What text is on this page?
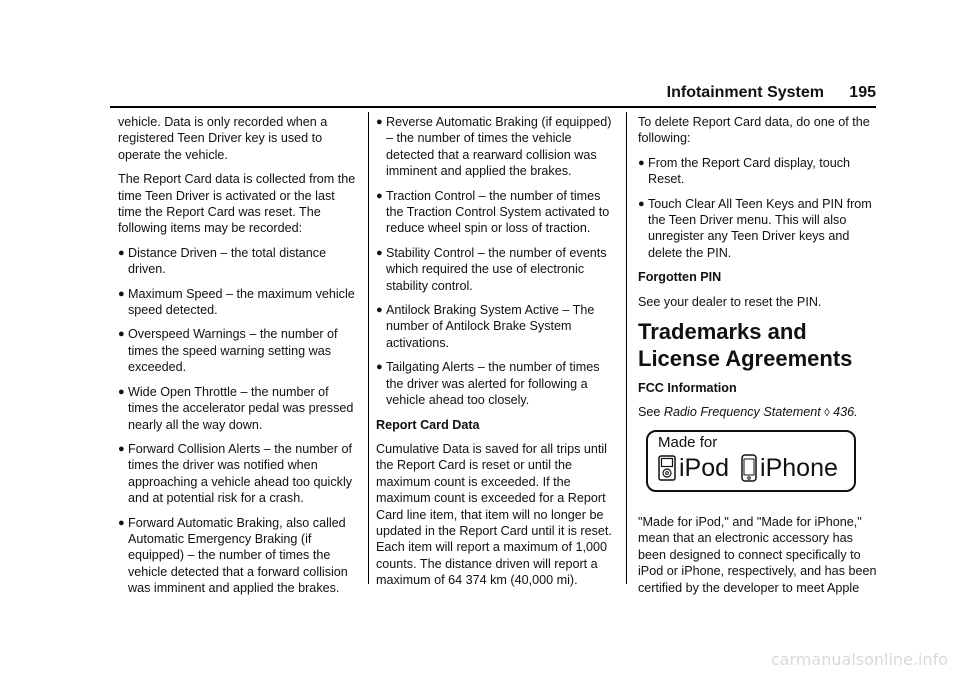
Infotainment System 195

vehicle. Data is only recorded when a registered Teen Driver key is used to operate the vehicle.

The Report Card data is collected from the time Teen Driver is activated or the last time the Report Card was reset. The following items may be recorded:

● Distance Driven – the total distance driven.
● Maximum Speed – the maximum vehicle speed detected.
● Overspeed Warnings – the number of times the speed warning setting was exceeded.
● Wide Open Throttle – the number of times the accelerator pedal was pressed nearly all the way down.
● Forward Collision Alerts – the number of times the driver was notified when approaching a vehicle ahead too quickly and at potential risk for a crash.
● Forward Automatic Braking, also called Automatic Emergency Braking (if equipped) – the number of times the vehicle detected that a forward collision was imminent and applied the brakes.
● Reverse Automatic Braking (if equipped) – the number of times the vehicle detected that a rearward collision was imminent and applied the brakes.
● Traction Control – the number of times the Traction Control System activated to reduce wheel spin or loss of traction.
● Stability Control – the number of events which required the use of electronic stability control.
● Antilock Braking System Active – The number of Antilock Brake System activations.
● Tailgating Alerts – the number of times the driver was alerted for following a vehicle ahead too closely.
Report Card Data

Cumulative Data is saved for all trips until the Report Card is reset or until the maximum count is exceeded. If the maximum count is exceeded for a Report Card line item, that item will no longer be updated in the Report Card until it is reset. Each item will report a maximum of 1,000 counts. The distance driven will report a maximum of 64 374 km (40,000 mi).

To delete Report Card data, do one of the following:

● From the Report Card display, touch Reset.
● Touch Clear All Teen Keys and PIN from the Teen Driver menu. This will also unregister any Teen Driver keys and delete the PIN.
Forgotten PIN

See your dealer to reset the PIN.

Trademarks and License Agreements
FCC Information

See Radio Frequency Statement ◊ 436.

Made for
iPod iPhone

"Made for iPod," and "Made for iPhone," mean that an electronic accessory has been designed to connect specifically to iPod or iPhone, respectively, and has been certified by the developer to meet Apple

carmanualsonline.info
